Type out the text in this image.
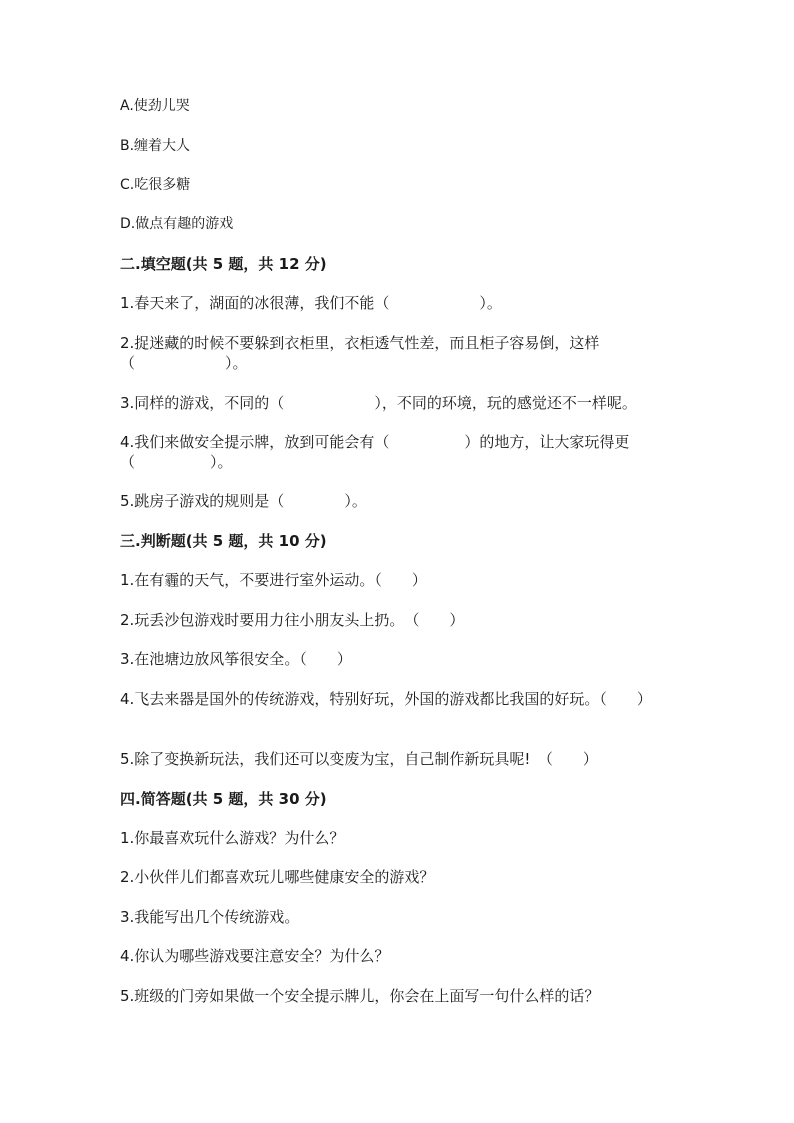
A.使劲儿哭
B.缠着大人
C.吃很多糖
D.做点有趣的游戏
二.填空题(共 5 题，共 12 分)
1.春天来了，湖面的冰很薄，我们不能（　　　　　　）。
2.捉迷藏的时候不要躲到衣柜里，衣柜透气性差，而且柜子容易倒，这样（　　　　　　）。
3.同样的游戏，不同的（　　　　　　），不同的环境，玩的感觉还不一样呢。
4.我们来做安全提示牌，放到可能会有（　　　　　）的地方，让大家玩得更（　　　　　）。
5.跳房子游戏的规则是（　　　　）。
三.判断题(共 5 题，共 10 分)
1.在有霾的天气，不要进行室外运动。（　　）
2.玩丢沙包游戏时要用力往小朋友头上扔。　（　　）
3.在池塘边放风筝很安全。（　　）
4.飞去来器是国外的传统游戏，特别好玩，外国的游戏都比我国的好玩。（　　）
5.除了变换新玩法，我们还可以变废为宝，自己制作新玩具呢!　（　　）
四.简答题(共 5 题，共 30 分)
1.你最喜欢玩什么游戏？为什么？
2.小伙伴儿们都喜欢玩儿哪些健康安全的游戏？
3.我能写出几个传统游戏。
4.你认为哪些游戏要注意安全？为什么？
5.班级的门旁如果做一个安全提示牌儿，你会在上面写一句什么样的话？
